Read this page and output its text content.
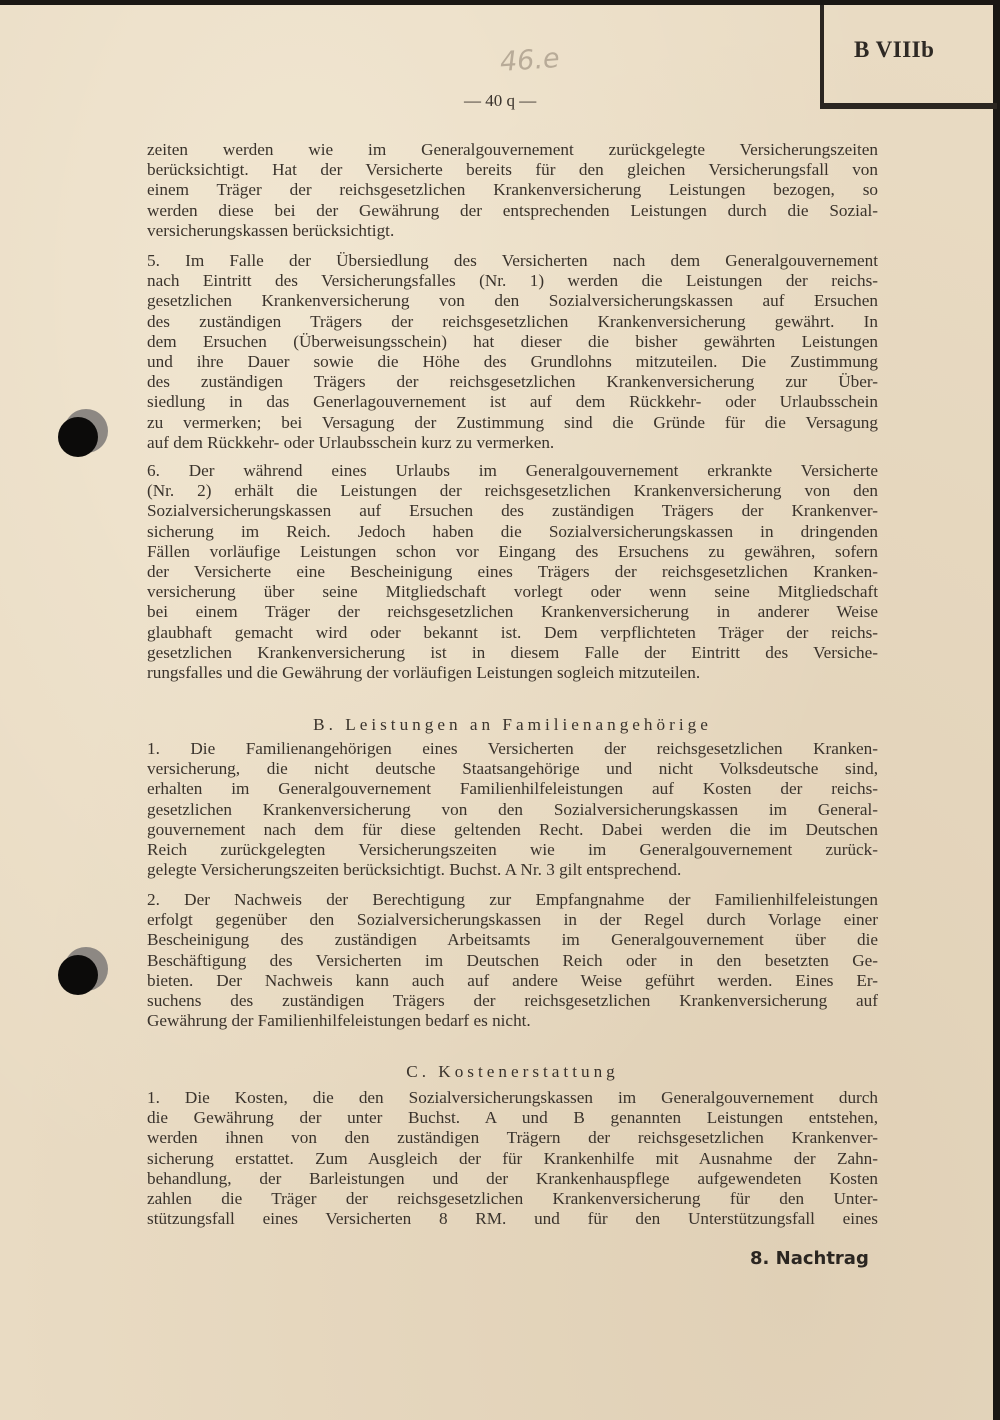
B VIIIb
46.e
— 40 q —
zeiten werden wie im Generalgouvernement zurückgelegte Versicherungszeiten
berücksichtigt. Hat der Versicherte bereits für den gleichen Versicherungsfall von
einem Träger der reichsgesetzlichen Krankenversicherung Leistungen bezogen, so
werden diese bei der Gewährung der entsprechenden Leistungen durch die Sozial-
versicherungskassen berücksichtigt.
5. Im Falle der Übersiedlung des Versicherten nach dem Generalgouvernement
nach Eintritt des Versicherungsfalles (Nr. 1) werden die Leistungen der reichs-
gesetzlichen Krankenversicherung von den Sozialversicherungskassen auf Ersuchen
des zuständigen Trägers der reichsgesetzlichen Krankenversicherung gewährt. In
dem Ersuchen (Überweisungsschein) hat dieser die bisher gewährten Leistungen
und ihre Dauer sowie die Höhe des Grundlohns mitzuteilen. Die Zustimmung
des zuständigen Trägers der reichsgesetzlichen Krankenversicherung zur Über-
siedlung in das Generlagouvernement ist auf dem Rückkehr- oder Urlaubsschein
zu vermerken; bei Versagung der Zustimmung sind die Gründe für die Versagung
auf dem Rückkehr- oder Urlaubsschein kurz zu vermerken.
6. Der während eines Urlaubs im Generalgouvernement erkrankte Versicherte
(Nr. 2) erhält die Leistungen der reichsgesetzlichen Krankenversicherung von den
Sozialversicherungskassen auf Ersuchen des zuständigen Trägers der Krankenver-
sicherung im Reich. Jedoch haben die Sozialversicherungskassen in dringenden
Fällen vorläufige Leistungen schon vor Eingang des Ersuchens zu gewähren, sofern
der Versicherte eine Bescheinigung eines Trägers der reichsgesetzlichen Kranken-
versicherung über seine Mitgliedschaft vorlegt oder wenn seine Mitgliedschaft
bei einem Träger der reichsgesetzlichen Krankenversicherung in anderer Weise
glaubhaft gemacht wird oder bekannt ist. Dem verpflichteten Träger der reichs-
gesetzlichen Krankenversicherung ist in diesem Falle der Eintritt des Versiche-
rungsfalles und die Gewährung der vorläufigen Leistungen sogleich mitzuteilen.
B. Leistungen an Familienangehörige
1. Die Familienangehörigen eines Versicherten der reichsgesetzlichen Kranken-
versicherung, die nicht deutsche Staatsangehörige und nicht Volksdeutsche sind,
erhalten im Generalgouvernement Familienhilfeleistungen auf Kosten der reichs-
gesetzlichen Krankenversicherung von den Sozialversicherungskassen im General-
gouvernement nach dem für diese geltenden Recht. Dabei werden die im Deutschen
Reich zurückgelegten Versicherungszeiten wie im Generalgouvernement zurück-
gelegte Versicherungszeiten berücksichtigt. Buchst. A Nr. 3 gilt entsprechend.
2. Der Nachweis der Berechtigung zur Empfangnahme der Familienhilfeleistungen
erfolgt gegenüber den Sozialversicherungskassen in der Regel durch Vorlage einer
Bescheinigung des zuständigen Arbeitsamts im Generalgouvernement über die
Beschäftigung des Versicherten im Deutschen Reich oder in den besetzten Ge-
bieten. Der Nachweis kann auch auf andere Weise geführt werden. Eines Er-
suchens des zuständigen Trägers der reichsgesetzlichen Krankenversicherung auf
Gewährung der Familienhilfeleistungen bedarf es nicht.
C. Kostenerstattung
1. Die Kosten, die den Sozialversicherungskassen im Generalgouvernement durch
die Gewährung der unter Buchst. A und B genannten Leistungen entstehen,
werden ihnen von den zuständigen Trägern der reichsgesetzlichen Krankenver-
sicherung erstattet. Zum Ausgleich der für Krankenhilfe mit Ausnahme der Zahn-
behandlung, der Barleistungen und der Krankenhauspflege aufgewendeten Kosten
zahlen die Träger der reichsgesetzlichen Krankenversicherung für den Unter-
stützungsfall eines Versicherten 8 RM. und für den Unterstützungsfall eines
8. Nachtrag
